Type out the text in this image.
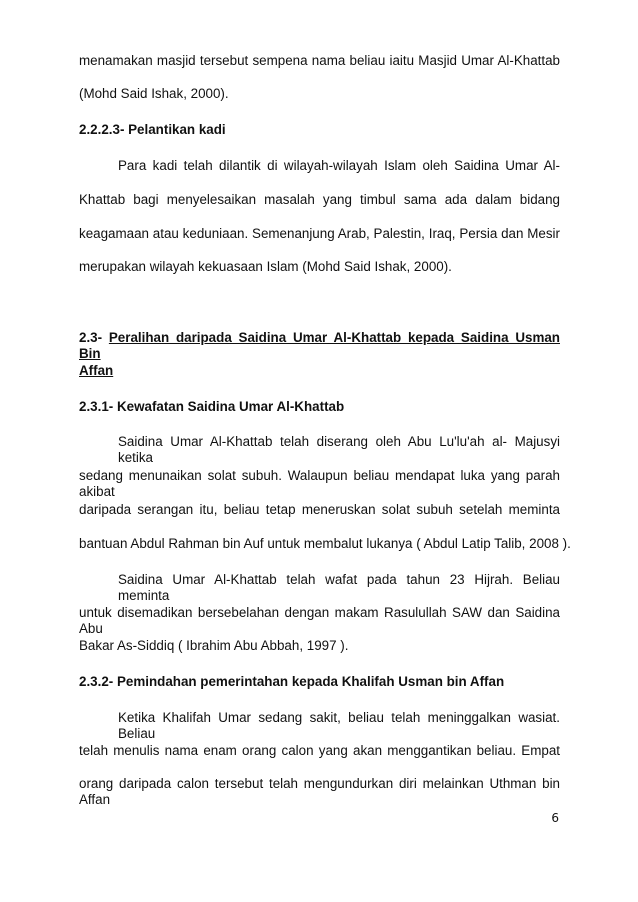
menamakan masjid tersebut sempena nama beliau iaitu Masjid Umar Al-Khattab
(Mohd Said Ishak, 2000).
2.2.2.3- Pelantikan kadi
Para kadi telah dilantik di wilayah-wilayah Islam oleh Saidina Umar Al-
Khattab bagi menyelesaikan masalah yang timbul sama ada dalam bidang
keagamaan atau keduniaan. Semenanjung Arab, Palestin, Iraq, Persia dan Mesir
merupakan wilayah kekuasaan Islam (Mohd Said Ishak, 2000).
2.3- Peralihan daripada Saidina Umar Al-Khattab kepada Saidina Usman Bin
Affan
2.3.1- Kewafatan Saidina Umar Al-Khattab
Saidina Umar Al-Khattab telah diserang oleh Abu Lu'lu'ah al- Majusyi ketika
sedang menunaikan solat subuh. Walaupun beliau mendapat luka yang parah akibat
daripada serangan itu, beliau tetap meneruskan solat subuh setelah meminta
bantuan Abdul Rahman bin Auf untuk membalut lukanya ( Abdul Latip Talib, 2008 ).
Saidina Umar Al-Khattab telah wafat pada tahun 23 Hijrah. Beliau meminta
untuk disemadikan bersebelahan dengan makam Rasulullah SAW dan Saidina Abu
Bakar As-Siddiq ( Ibrahim Abu Abbah, 1997 ).
2.3.2- Pemindahan pemerintahan kepada Khalifah Usman bin Affan
Ketika Khalifah Umar sedang sakit, beliau telah meninggalkan wasiat. Beliau
telah menulis nama enam orang calon yang akan menggantikan beliau. Empat
orang daripada calon tersebut telah mengundurkan diri melainkan Uthman bin Affan
6
